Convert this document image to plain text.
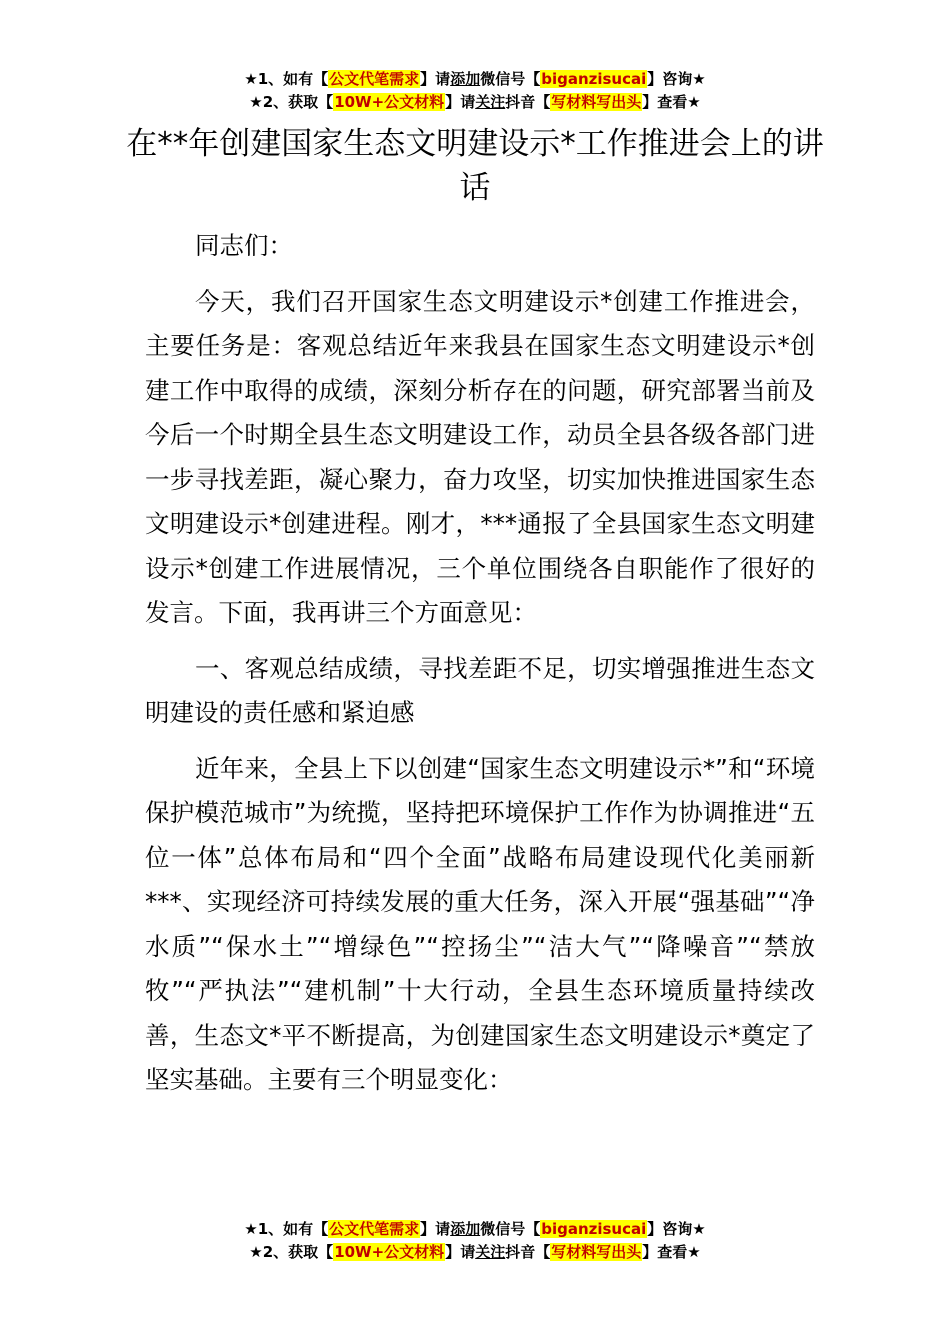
★1、如有【公文代笔需求】请添加微信号【biganzisucai】咨询★
★2、获取【10W+公文材料】请关注抖音【写材料写出头】查看★
在**年创建国家生态文明建设示*工作推进会上的讲话

同志们：

今天，我们召开国家生态文明建设示*创建工作推进会，主要任务是：客观总结近年来我县在国家生态文明建设示*创建工作中取得的成绩，深刻分析存在的问题，研究部署当前及今后一个时期全县生态文明建设工作，动员全县各级各部门进一步寻找差距，凝心聚力，奋力攻坚，切实加快推进国家生态文明建设示*创建进程。刚才，***通报了全县国家生态文明建设示*创建工作进展情况，三个单位围绕各自职能作了很好的发言。下面，我再讲三个方面意见：

一、客观总结成绩，寻找差距不足，切实增强推进生态文明建设的责任感和紧迫感

近年来，全县上下以创建“国家生态文明建设示*”和“环境保护模范城市”为统揽，坚持把环境保护工作作为协调推进“五位一体”总体布局和“四个全面”战略布局建设现代化美丽新***、实现经济可持续发展的重大任务，深入开展“强基础”“净水质”“保水土”“增绿色”“控扬尘”“洁大气”“降噪音”“禁放牧”“严执法”“建机制”十大行动，全县生态环境质量持续改善，生态文*平不断提高，为创建国家生态文明建设示*奠定了坚实基础。主要有三个明显变化：

★1、如有【公文代笔需求】请添加微信号【biganzisucai】咨询★
★2、获取【10W+公文材料】请关注抖音【写材料写出头】查看★
